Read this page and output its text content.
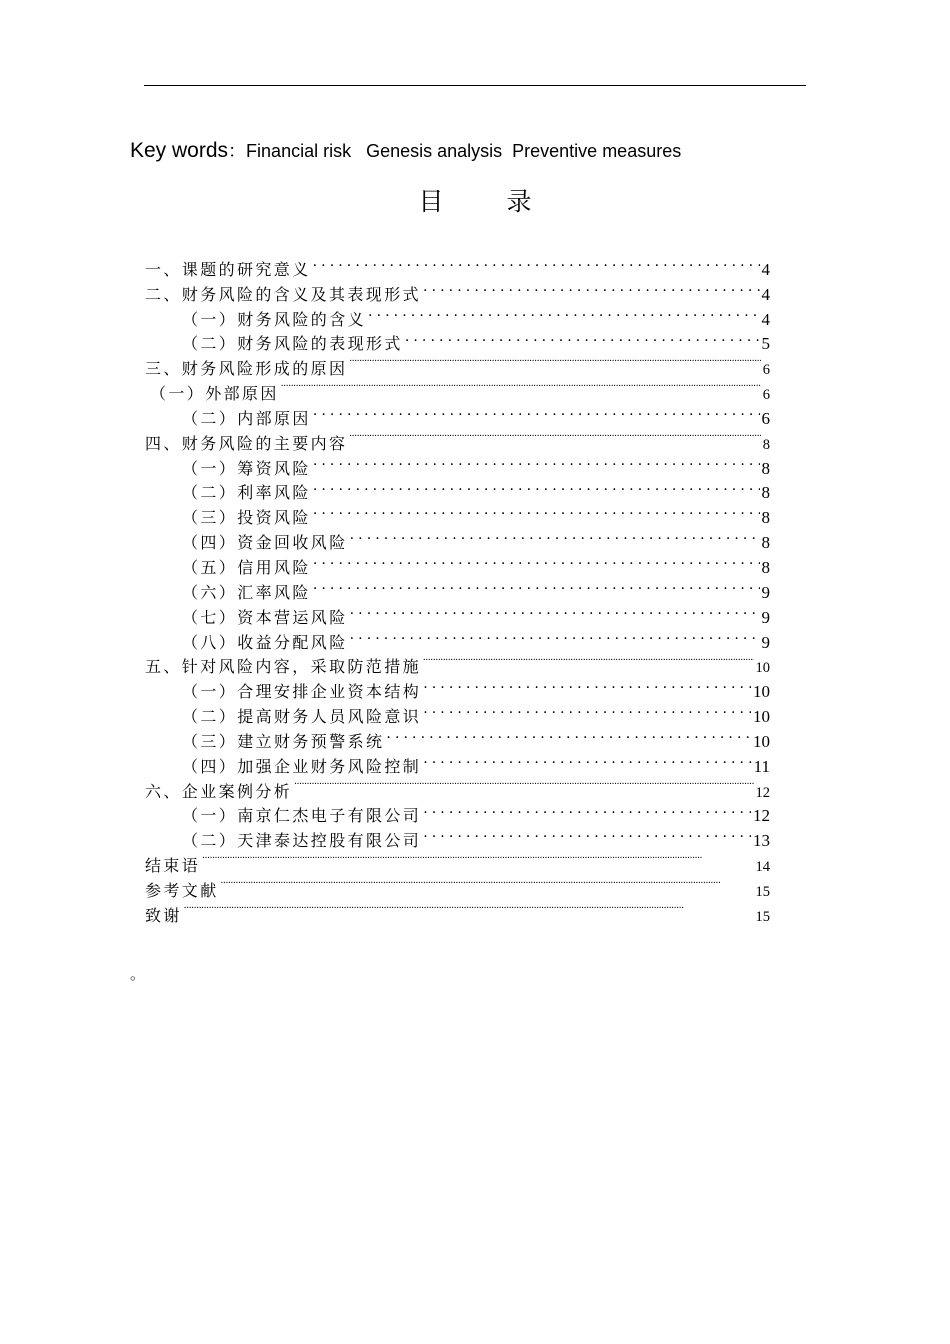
Key words：Financial risk   Genesis analysis  Preventive measures
目	录
一、课题的研究意义 .....	4
二、财务风险的含义及其表现形式 .....	4
（一）财务风险的含义 .....	4
（二）财务风险的表现形式 .....	5
三、财务风险形成的原因 .....	6
（一）外部原因 .....	6
（二）内部原因 .....	6
四、财务风险的主要内容 .....	8
（一）筹资风险 .....	8
（二）利率风险 .....	8
（三）投资风险 .....	8
（四）资金回收风险 .....	8
（五）信用风险 .....	8
（六）汇率风险 .....	9
（七）资本营运风险 .....	9
（八）收益分配风险 .....	9
五、针对风险内容，采取防范措施 .....	10
（一）合理安排企业资本结构 .....	10
（二）提高财务人员风险意识 .....	10
（三）建立财务预警系统 .....	10
（四）加强企业财务风险控制 .....	11
六、企业案例分析 .....	12
（一）南京仁杰电子有限公司 .....	12
（二）天津泰达控股有限公司 .....	13
结束语 .....	14
参考文献 .....	15
致谢 .....	15
。
